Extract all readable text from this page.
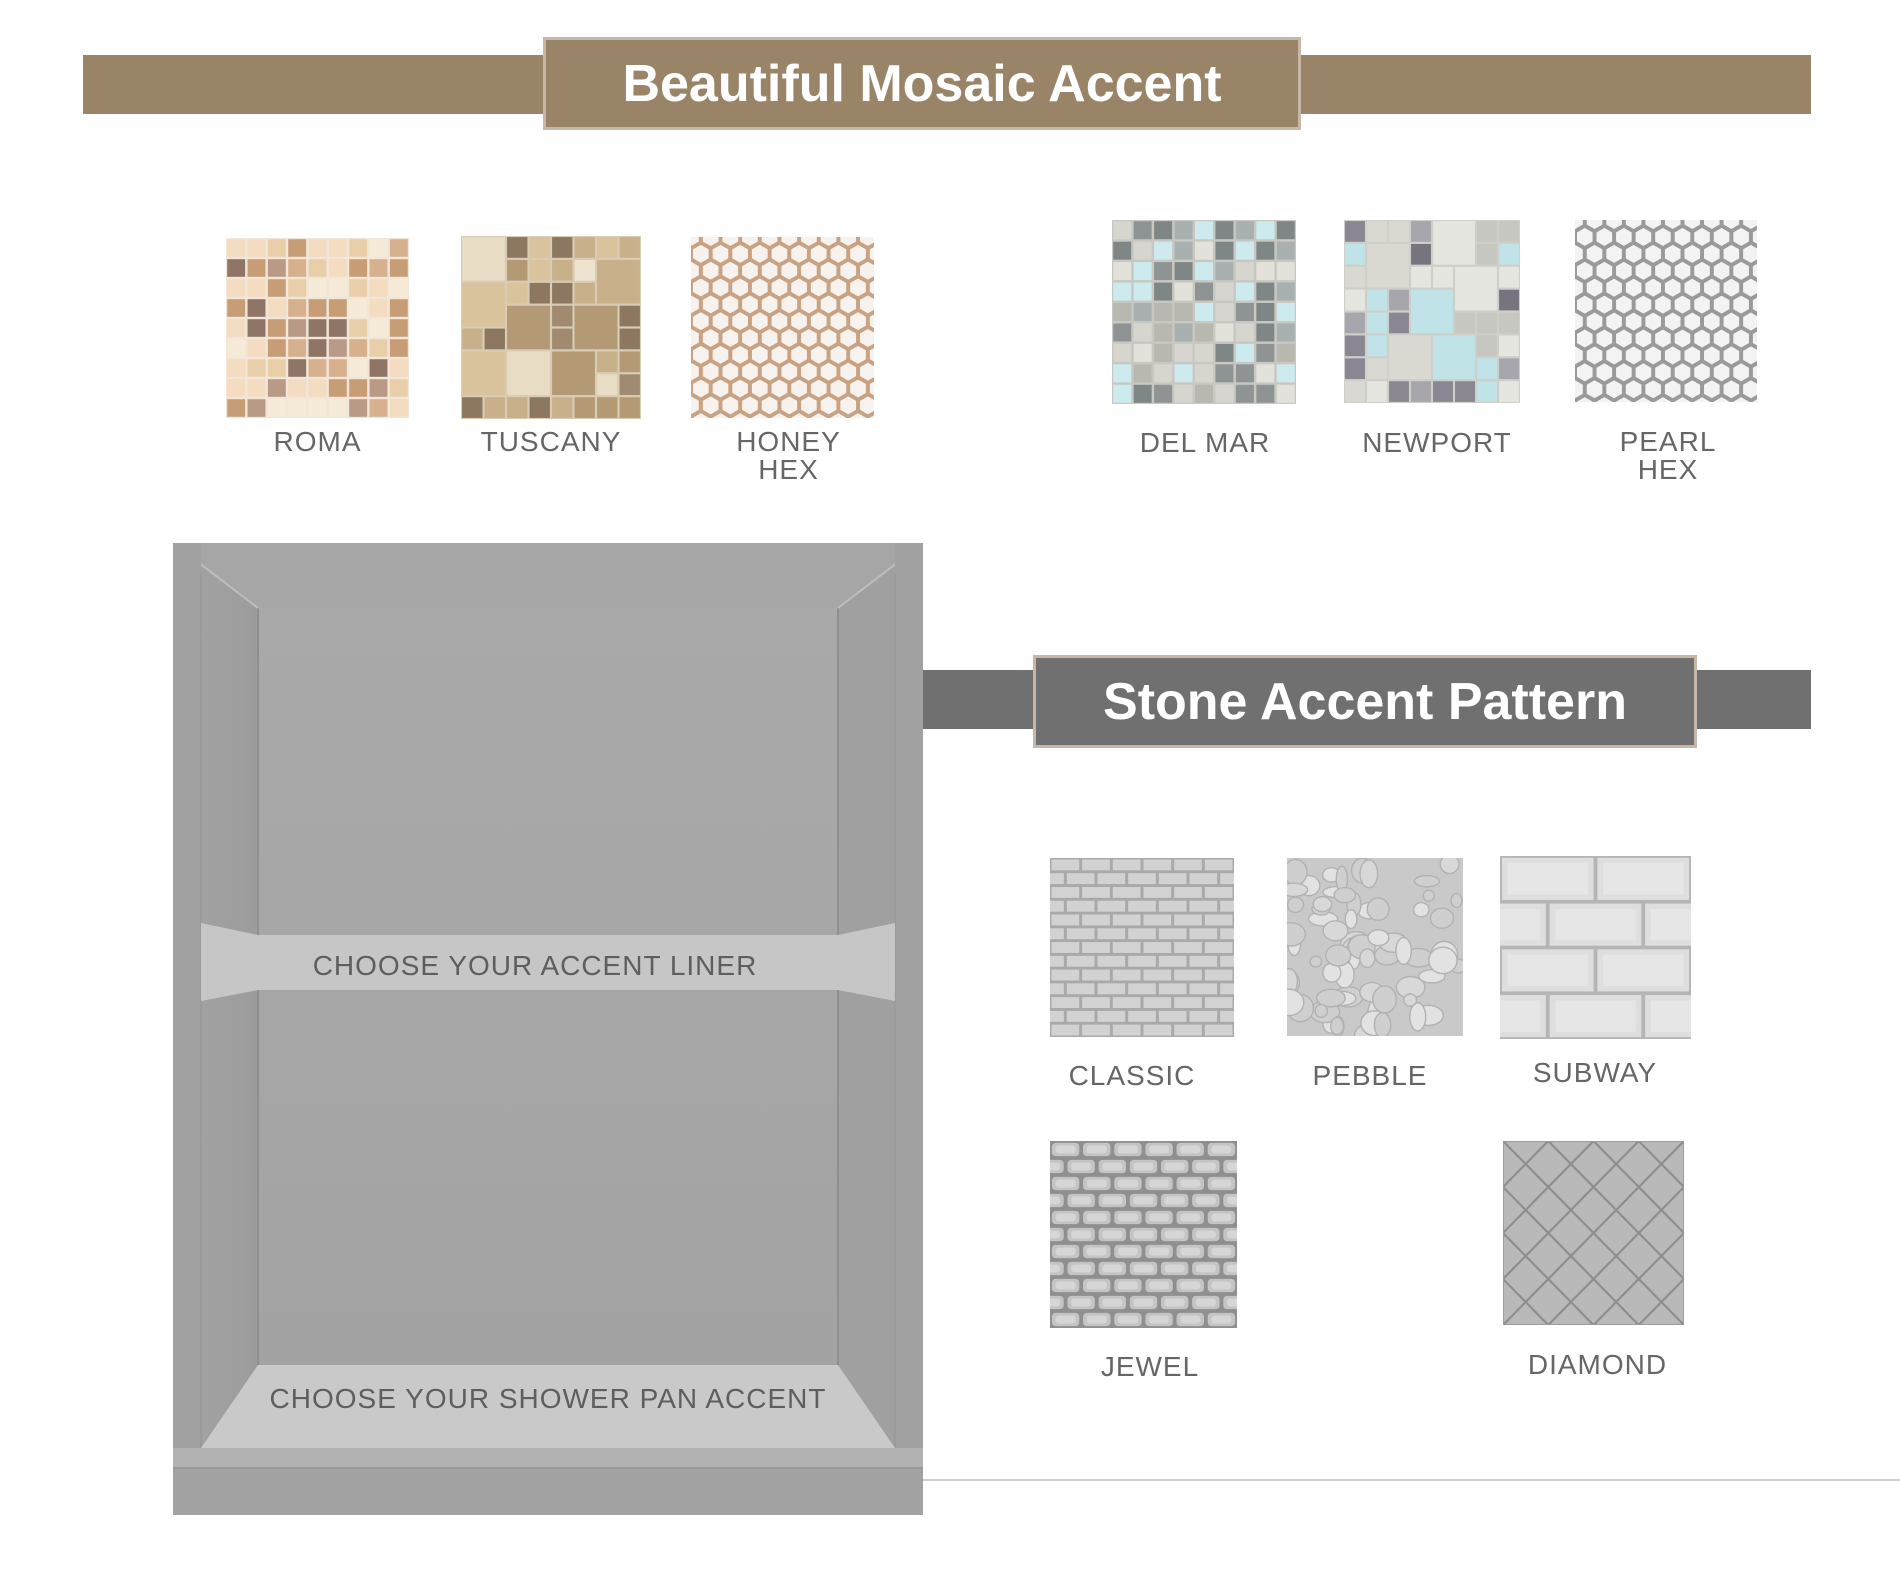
Beautiful Mosaic Accent
ROMA	TUSCANY	HONEY
HEX
DEL MAR	NEWPORT	PEARL
HEX
CHOOSE YOUR ACCENT LINER
CHOOSE YOUR SHOWER PAN ACCENT
Stone Accent Pattern
CLASSIC	PEBBLE	SUBWAY
JEWEL	DIAMOND
